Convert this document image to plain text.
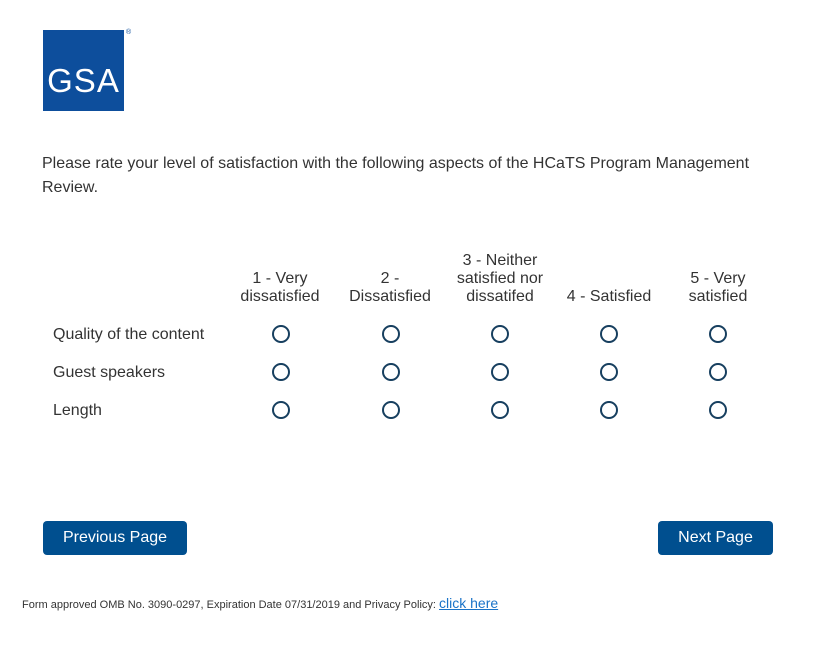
GSA
®
Please rate your level of satisfaction with the following aspects of the HCaTS Program Management Review.
1 - Very dissatisfied
2 - Dissatisfied
3 - Neither satisfied nor dissatifed	4 - Satisfied
5 - Very satisfied
Quality of the content
Guest speakers
Length
Previous Page	Next Page
Form approved OMB No. 3090-0297, Expiration Date 07/31/2019 and Privacy Policy: click here
